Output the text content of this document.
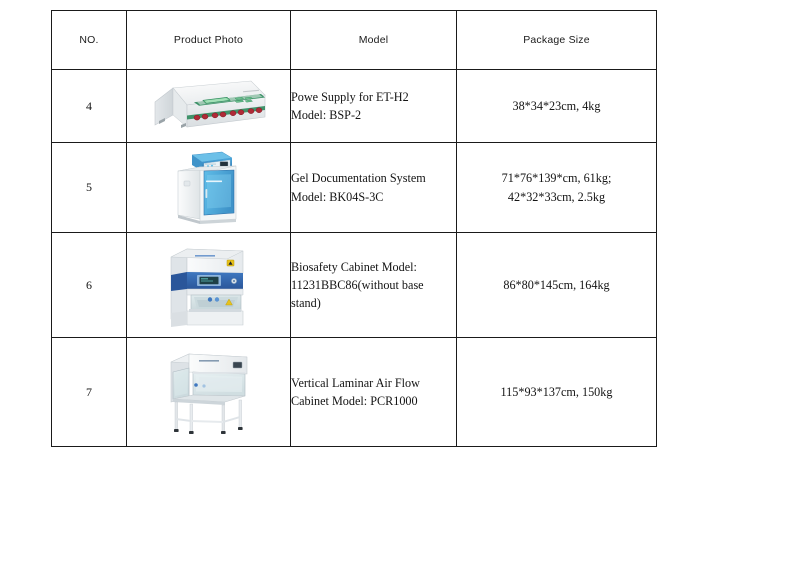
NO.	Product Photo	Model	Package Size
4		Powe Supply for ET-H2
Model: BSP-2	38*34*23cm, 4kg

5		Gel Documentation System
Model: BK04S-3C	71*76*139*cm, 61kg;
42*32*33cm, 2.5kg

6		Biosafety Cabinet Model:
11231BBC86(without base
stand)	86*80*145cm, 164kg

7		Vertical Laminar Air Flow
Cabinet Model: PCR1000	115*93*137cm, 150kg
